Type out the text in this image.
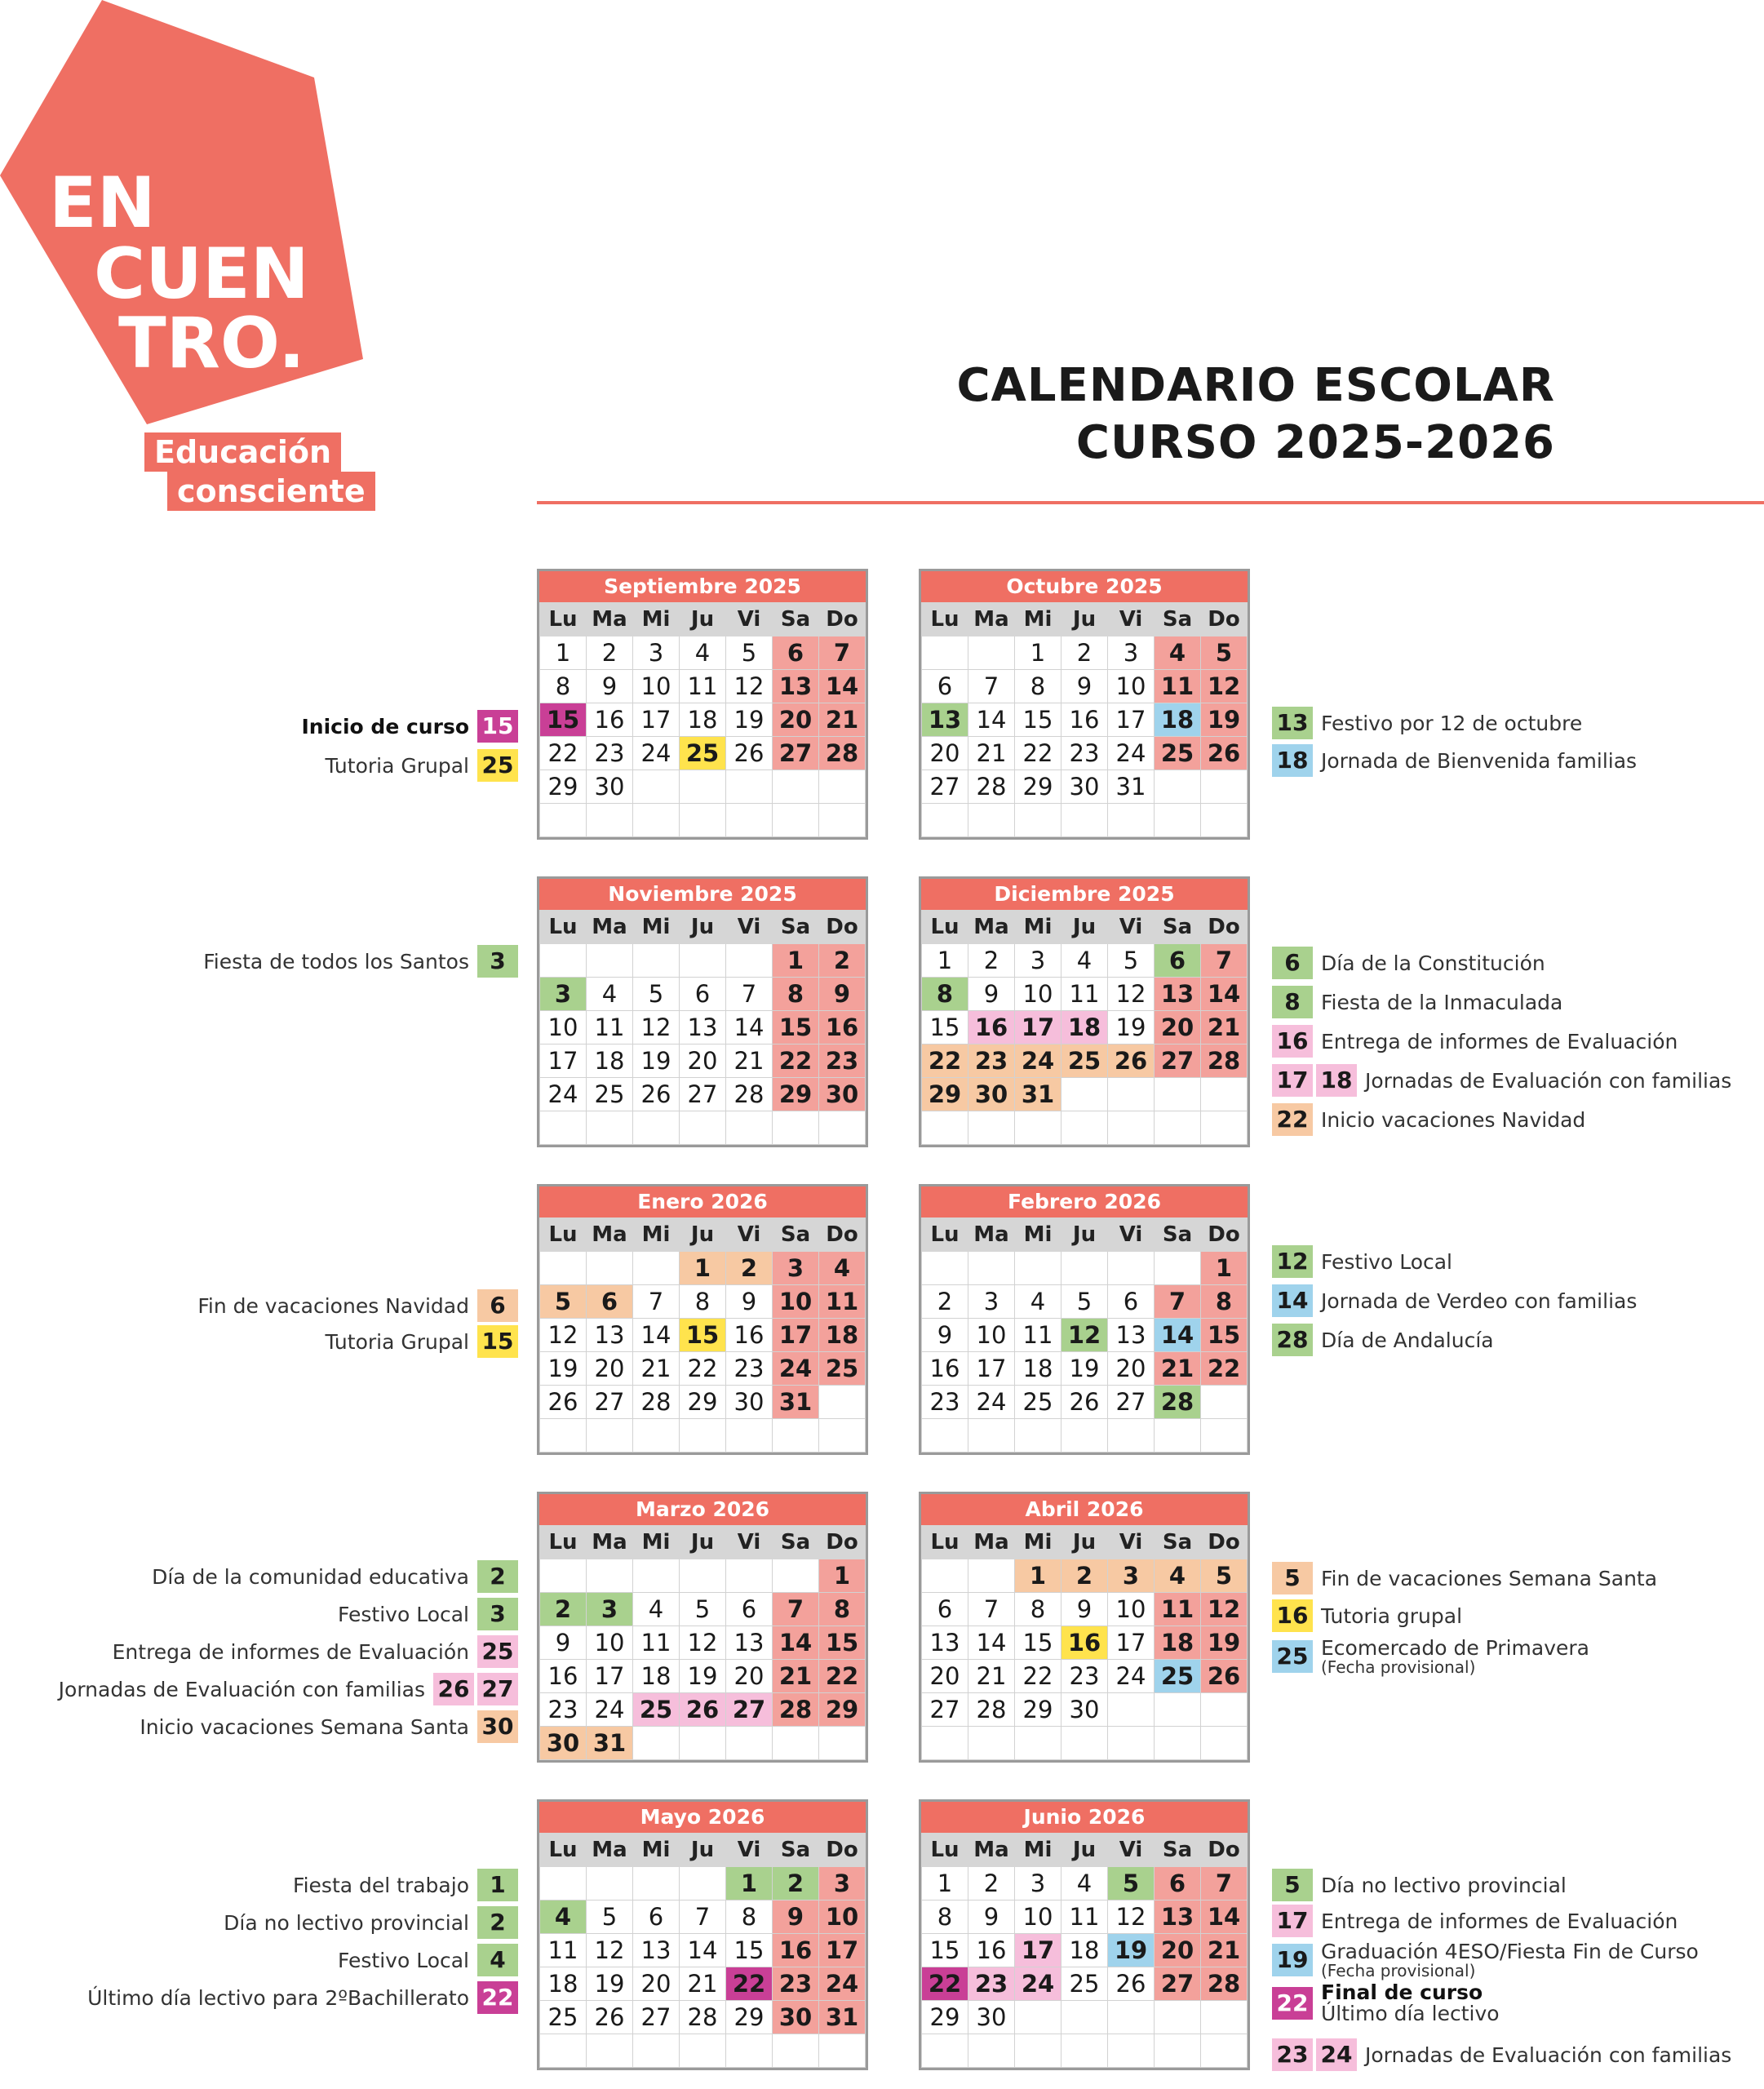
EN
CUEN
TRO.
Educación
consciente
CALENDARIO ESCOLAR
CURSO 2025-2026
Septiembre 2025
Lu	Ma	Mi	Ju	Vi	Sa	Do
1	2	3	4	5	6	7
8	9	10	11	12	13	14
15	16	17	18	19	20	21
22	23	24	25	26	27	28
29	30					

Octubre 2025
Lu	Ma	Mi	Ju	Vi	Sa	Do
		1	2	3	4	5
6	7	8	9	10	11	12
13	14	15	16	17	18	19
20	21	22	23	24	25	26
27	28	29	30	31		

Noviembre 2025
Lu	Ma	Mi	Ju	Vi	Sa	Do
					1	2
3	4	5	6	7	8	9
10	11	12	13	14	15	16
17	18	19	20	21	22	23
24	25	26	27	28	29	30

Diciembre 2025
Lu	Ma	Mi	Ju	Vi	Sa	Do
1	2	3	4	5	6	7
8	9	10	11	12	13	14
15	16	17	18	19	20	21
22	23	24	25	26	27	28
29	30	31				

Enero 2026
Lu	Ma	Mi	Ju	Vi	Sa	Do
			1	2	3	4
5	6	7	8	9	10	11
12	13	14	15	16	17	18
19	20	21	22	23	24	25
26	27	28	29	30	31	

Febrero 2026
Lu	Ma	Mi	Ju	Vi	Sa	Do
						1
2	3	4	5	6	7	8
9	10	11	12	13	14	15
16	17	18	19	20	21	22
23	24	25	26	27	28	

Marzo 2026
Lu	Ma	Mi	Ju	Vi	Sa	Do
						1
2	3	4	5	6	7	8
9	10	11	12	13	14	15
16	17	18	19	20	21	22
23	24	25	26	27	28	29
30	31					
Abril 2026
Lu	Ma	Mi	Ju	Vi	Sa	Do
		1	2	3	4	5
6	7	8	9	10	11	12
13	14	15	16	17	18	19
20	21	22	23	24	25	26
27	28	29	30			

Mayo 2026
Lu	Ma	Mi	Ju	Vi	Sa	Do
				1	2	3
4	5	6	7	8	9	10
11	12	13	14	15	16	17
18	19	20	21	22	23	24
25	26	27	28	29	30	31

Junio 2026
Lu	Ma	Mi	Ju	Vi	Sa	Do
1	2	3	4	5	6	7
8	9	10	11	12	13	14
15	16	17	18	19	20	21
22	23	24	25	26	27	28
29	30					

Inicio de curso 15
Tutoria Grupal 25
13 Festivo por 12 de octubre
18 Jornada de Bienvenida familias
Fiesta de todos los Santos 3	6 Día de la Constitución
8 Fiesta de la Inmaculada
16 Entrega de informes de Evaluación
17 18 Jornadas de Evaluación con familias
22 Inicio vacaciones Navidad
Fin de vacaciones Navidad 6
Tutoria Grupal 15
12 Festivo Local
14 Jornada de Verdeo con familias
28 Día de Andalucía
Día de la comunidad educativa 2
Festivo Local 3
Entrega de informes de Evaluación 25
Jornadas de Evaluación con familias 26 27
Inicio vacaciones Semana Santa 30
5 Fin de vacaciones Semana Santa
16 Tutoria grupal
25 Ecomercado de Primavera
(Fecha provisional)
Fiesta del trabajo 1
Día no lectivo provincial 2
Festivo Local 4
Último día lectivo para 2ºBachillerato 22
5 Día no lectivo provincial
17 Entrega de informes de Evaluación
19 Graduación 4ESO/Fiesta Fin de Curso
(Fecha provisional)
22 Final de curso
Último día lectivo
23 24 Jornadas de Evaluación con familias
